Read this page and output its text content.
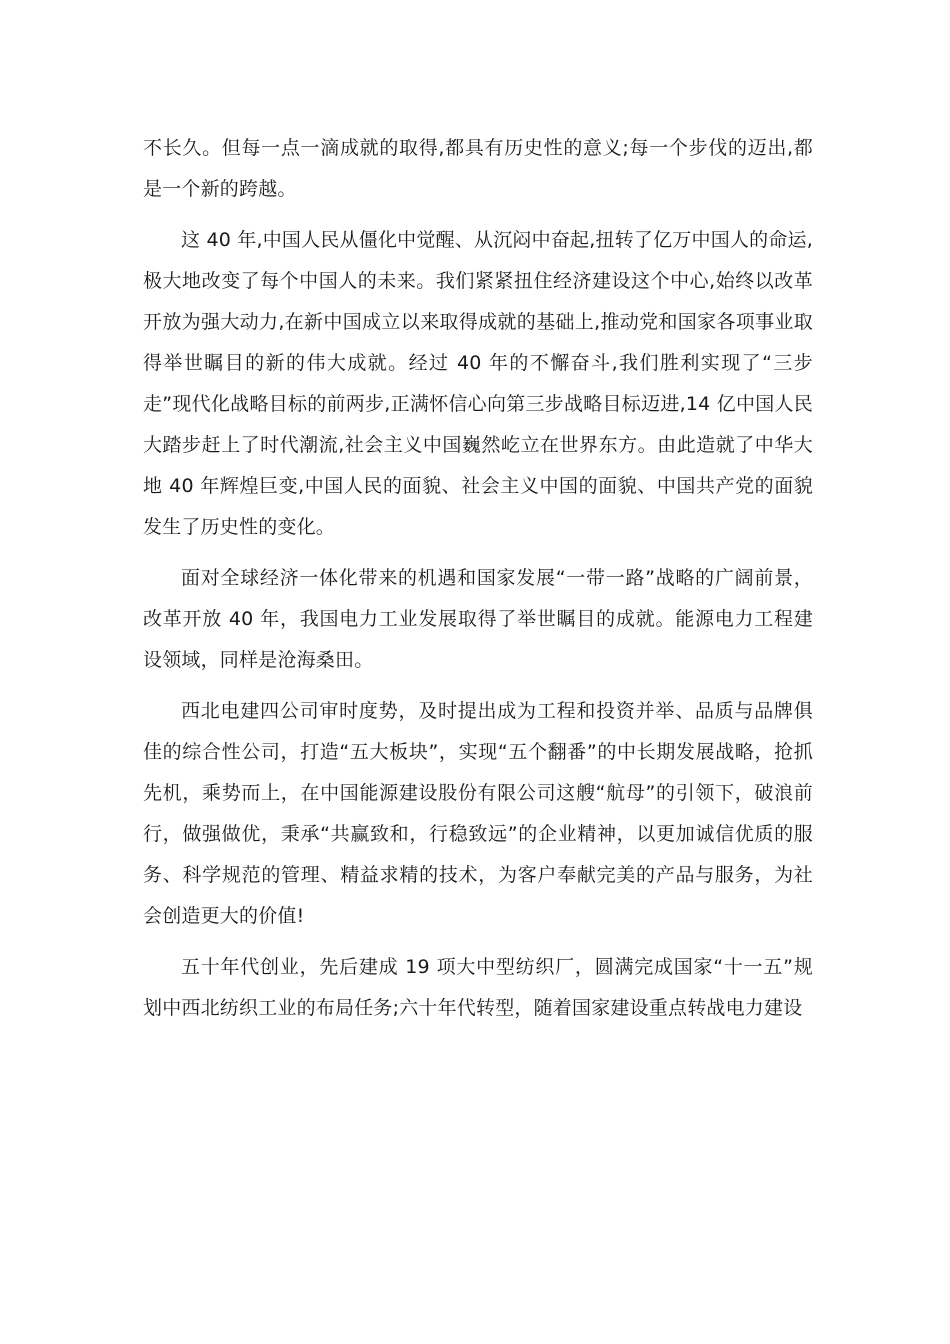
不长久。但每一点一滴成就的取得,都具有历史性的意义;每一个步伐的迈出,都是一个新的跨越。

这 40 年,中国人民从僵化中觉醒、从沉闷中奋起,扭转了亿万中国人的命运,极大地改变了每个中国人的未来。我们紧紧扭住经济建设这个中心,始终以改革开放为强大动力,在新中国成立以来取得成就的基础上,推动党和国家各项事业取得举世瞩目的新的伟大成就。经过 40 年的不懈奋斗,我们胜利实现了“三步走”现代化战略目标的前两步,正满怀信心向第三步战略目标迈进,14 亿中国人民大踏步赶上了时代潮流,社会主义中国巍然屹立在世界东方。由此造就了中华大地 40 年辉煌巨变,中国人民的面貌、社会主义中国的面貌、中国共产党的面貌发生了历史性的变化。

面对全球经济一体化带来的机遇和国家发展“一带一路”战略的广阔前景，改革开放 40 年，我国电力工业发展取得了举世瞩目的成就。能源电力工程建设领域，同样是沧海桑田。

西北电建四公司审时度势，及时提出成为工程和投资并举、品质与品牌俱佳的综合性公司，打造“五大板块”，实现“五个翻番”的中长期发展战略，抢抓先机，乘势而上，在中国能源建设股份有限公司这艘“航母”的引领下，破浪前行，做强做优，秉承“共赢致和，行稳致远”的企业精神，以更加诚信优质的服务、科学规范的管理、精益求精的技术，为客户奉献完美的产品与服务，为社会创造更大的价值!

五十年代创业，先后建成 19 项大中型纺织厂，圆满完成国家“十一五”规划中西北纺织工业的布局任务;六十年代转型，随着国家建设重点转战电力建设
